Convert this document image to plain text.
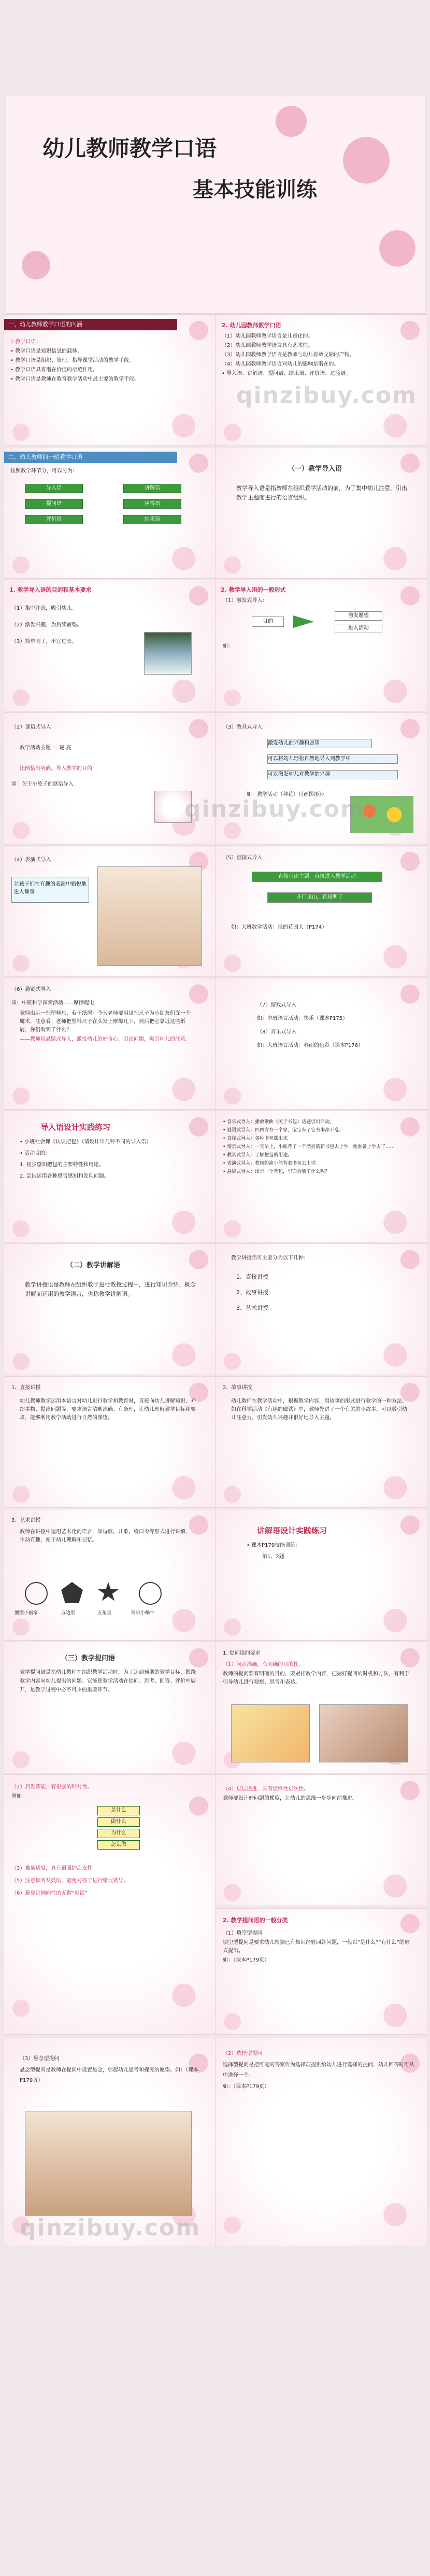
幼儿教师教学口语
基本技能训练
一、幼儿教师教学口语的内涵

1.教学口语：

• 教学口语是知识信息的载体，

• 教学口语是组织、管理、指导课堂活动的教学手段。

• 教学口语具有潜在价值的示范作用。

• 教学口语是教师在教育教学活动中最主要的教学手段。

2. 幼儿园教师教学口语

（1）幼儿园教师教学语言是儿童化的。

（2）幼儿园教师教学语言具有艺术性。

（3）幼儿园教师教学语言是教师与幼儿有效交际的产物。

（4）幼儿园教师教学语言对幼儿的影响是潜在的。

• 导入语、讲解语、提问语、结束语、评价语、过渡语。

qinzibuy.com
二、幼儿教师的一般教学口语
按照教学环节分，可以分为：
导入语	讲解语
提问语	应答语
评价语	结束语
（一）教学导入语
教学导入语是指教师在组织教学活动的前，为了集中幼儿注意，引出教学主题而进行的语言组织。
1. 教学导入语的目的和基本要求

（1）集中注意，吸引幼儿。

（2）激发兴趣，为后续铺垫。

（3）简单明了，不宜过长。

2. 教学导入语的一般形式
（1）激发式导入：
目的
激发愿望
进入活动
如：
（2）谜语式导入
教学活动主题 ＝ 谜 底
比例恰当明确，导入教学的目的
如：关于小兔子的谜语导入
（3）教具式导入
激发幼儿的兴趣和愿望
可以将幼儿轻松自然地导入到教学中
可以激发幼儿对教学的兴趣
如：教学活动（种花）（《画图形》）
qinzibuy.com
（4）表演式导入
让孩子们在有趣的表演中愉悦地进入课堂
（5）直接式导入
直接引出主题，直接进入教学活动
开门见山，直接明了
如：大班数学活动：谁的花园大（P174）
（6）悬疑式导入
如：中班科学探索活动——摩擦起电

教师出示一把塑料尺、若干纸屑：今天老师要用这把尺子为小朋友们变一个魔术，注意看！老师把塑料尺子在头发上摩擦几下，然后把它靠近这些纸屑，你们看到了什么？

——教师用悬疑式导入，激发幼儿的好奇心，引出问题，吸引幼儿的注意。

（7）游戏式导入

如：中班语言活动：快乐（课本P175）

（8）音乐式导入

如：大班语言活动：春雨的色彩（课本P176）

导入语设计实践练习

• 小班社会课《认识把包》（请设计出几种不同的导入语）

• 活动目的：

1. 初步感知把包的主要特性和用途。

2. 尝试运用各种感官感知和发现问题。

• 音乐式导入：播放歌曲《关于书包》话题引出活动。

• 谜语式导入：四四方方一个家，宝宝有了它书本都不乱。

• 直接式导入：各种书包摆出来。

• 情景式导入：一天早上，小熊背了一个漂亮的新书包去上学，他准备上学去了……

• 教具式导入：了解把包的用途。

• 表演式导入：教师扮演小熊背着书包去上学。

• 悬疑式导入：出示一个背包，里面会装了什么呢？

（二）教学讲解语
教学讲授语是教师在组织教学进行教授过程中，进行知识介绍、概念讲解而运用的教学语言，也称教学讲解语。
教学讲授语可主要分为以下几种：

1、直接讲授

2、故事讲授

3、艺术讲授

1、直接讲授
幼儿教师教学运用本语言对幼儿进行教学和教育时，直接向幼儿讲解知识、介绍事物、提出问题等，要求语言清晰准确、有条理，让幼儿理解教学目标和要求，能够利用教学活动进行自然的渗透。
2、故事讲授
幼儿教师在教学活动中，根据教学内容，用故事的形式进行教学的一种方法。如在科学活动《有趣的磁铁》中，教师先讲了一个有关的小故事，可以吸引幼儿注意力，引发幼儿兴趣并很好地导入主题。
3、艺术讲授
教师在讲授中运用艺术化的语言，如诗歌、儿歌、绕口令等形式进行讲解，生动有趣，便于幼儿理解和记忆。
圈圈小画家	五边形	五角星	两只小蜗牛
讲解语设计实践练习

• 课本P179技能训练：

第1、2题

（三）教学提问语
教学提问语是指幼儿教师在组织教学活动时，为了达到预期的教学目标，围绕教学内容向幼儿提出的问题。它能使教学活动在提问、思考、回答、评价中展开，是教学过程中必不可少的重要环节。
1. 提问语的要求

（1）问点准确，有明确的目的性。

教师的提问要有明确的目的，要紧扣教学内容，把握好提问的时机和方法，有利于引导幼儿进行观察、思考和表达。

（2）启发智能，有很强的针对性。

例如：

是什么
做什么
为什么
怎么做

（3）难易适度，具有很强的启发性。

（5）注意倾听及鼓励，避免对孩子进行错误诱导。

（6）避免带倾向性的无谓“废话”

（4）层层递进，具有演绎性层次性。

教师要设计好问题的梯度，让幼儿的思维一步步向前推进。

2. 教学提问语的一般分类

（1）填空型提问

填空型提问是要求幼儿根据已有知识经验回答问题，一般以“是什么”“有什么”的形式提出。

如：（课本P179页）

（3）悬念型提问

悬念型提问是教师在提问中设置悬念，引起幼儿思考和探究的愿望。如：（课本P179页）

qinzibuy.com

（2）选择型提问

选择型提问是把可能的答案作为选择项提供给幼儿进行选择的提问，幼儿回答时可从中选择一个。

如：（课本P179页）
